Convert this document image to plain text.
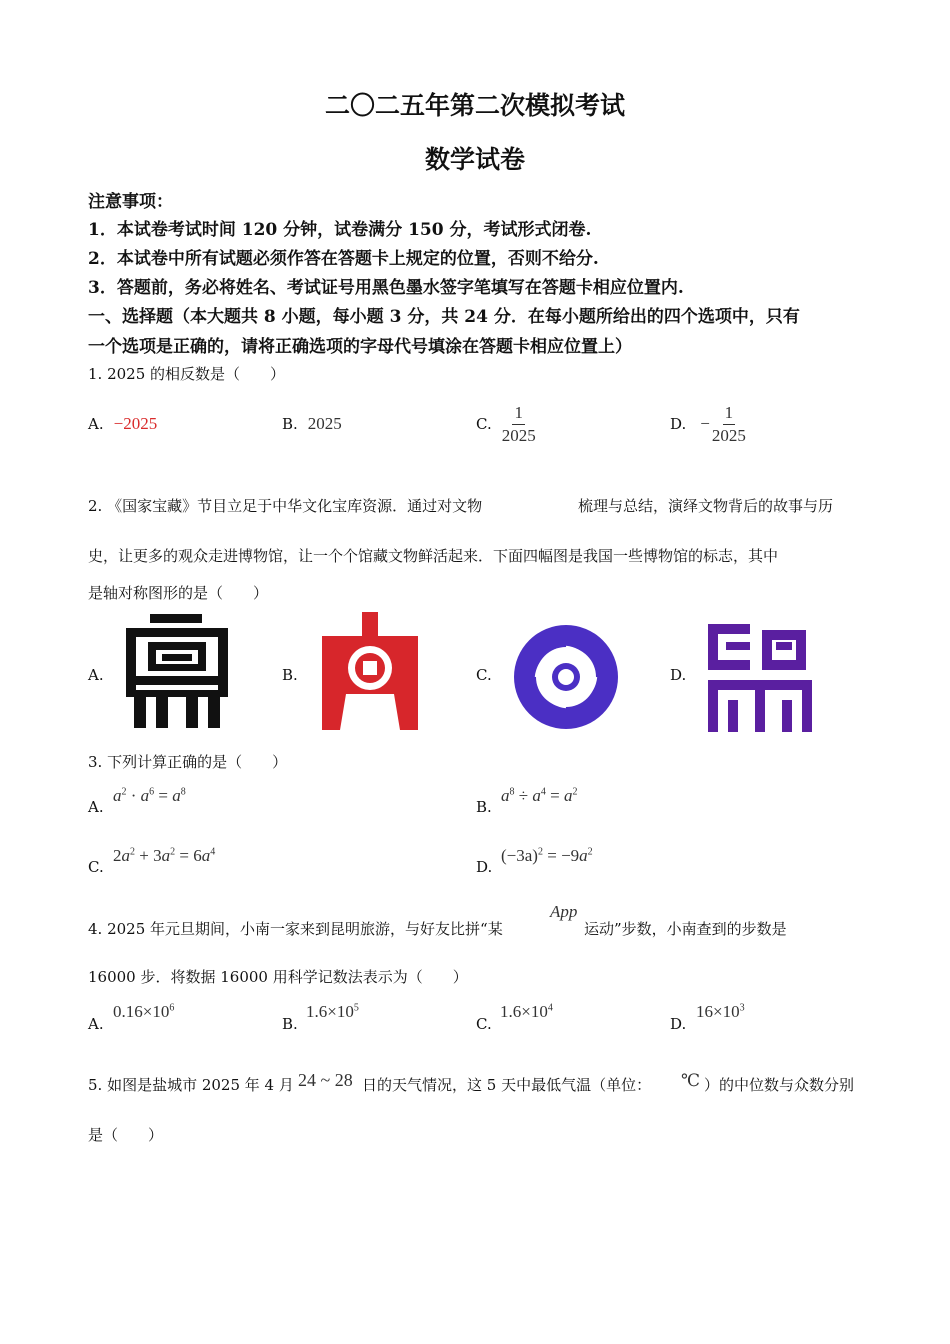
二〇二五年第二次模拟考试
数学试卷
注意事项：
1．本试卷考试时间 120 分钟，试卷满分 150 分，考试形式闭卷.
2．本试卷中所有试题必须作答在答题卡上规定的位置，否则不给分.
3．答题前，务必将姓名、考试证号用黑色墨水签字笔填写在答题卡相应位置内.
一、选择题（本大题共 8 小题，每小题 3 分，共 24 分．在每小题所给出的四个选项中，只有
一个选项是正确的，请将正确选项的字母代号填涂在答题卡相应位置上）
1. 2025 的相反数是（　　）
A. −2025	B. 2025	C. $\frac{1}{2025}$	D. − $\frac{1}{2025}$
2. 《国家宝藏》节目立足于中华文化宝库资源．通过对文物	梳理与总结，演绎文物背后的故事与历
史，让更多的观众走进博物馆，让一个个馆藏文物鲜活起来．下面四幅图是我国一些博物馆的标志，其中
是轴对称图形的是（　　）
A.	B.	C.	D.
3. 下列计算正确的是（　　）
A.
$a^2 \cdot a^6 = a^8$
B.
$a^8 \div a^4 = a^2$
C.
$2a^2 + 3a^2 = 6a^4$
D.
$(-3a)^2 = -9a^2$
4. 2025 年元旦期间，小南一家来到昆明旅游，与好友比拼“某
App
运动”步数，小南查到的步数是
16000 步．将数据 16000 用科学记数法表示为（　　）
A.
$0.16\times 10^6$
B.
$1.6\times 10^5$
C.
$1.6\times 10^4$
D.
$16\times 10^3$
5. 如图是盐城市 2025 年 4 月 24 ~ 28 日的天气情况，这 5 天中最低气温（单位： ℃ ）的中位数与众数分别
是（　　）
